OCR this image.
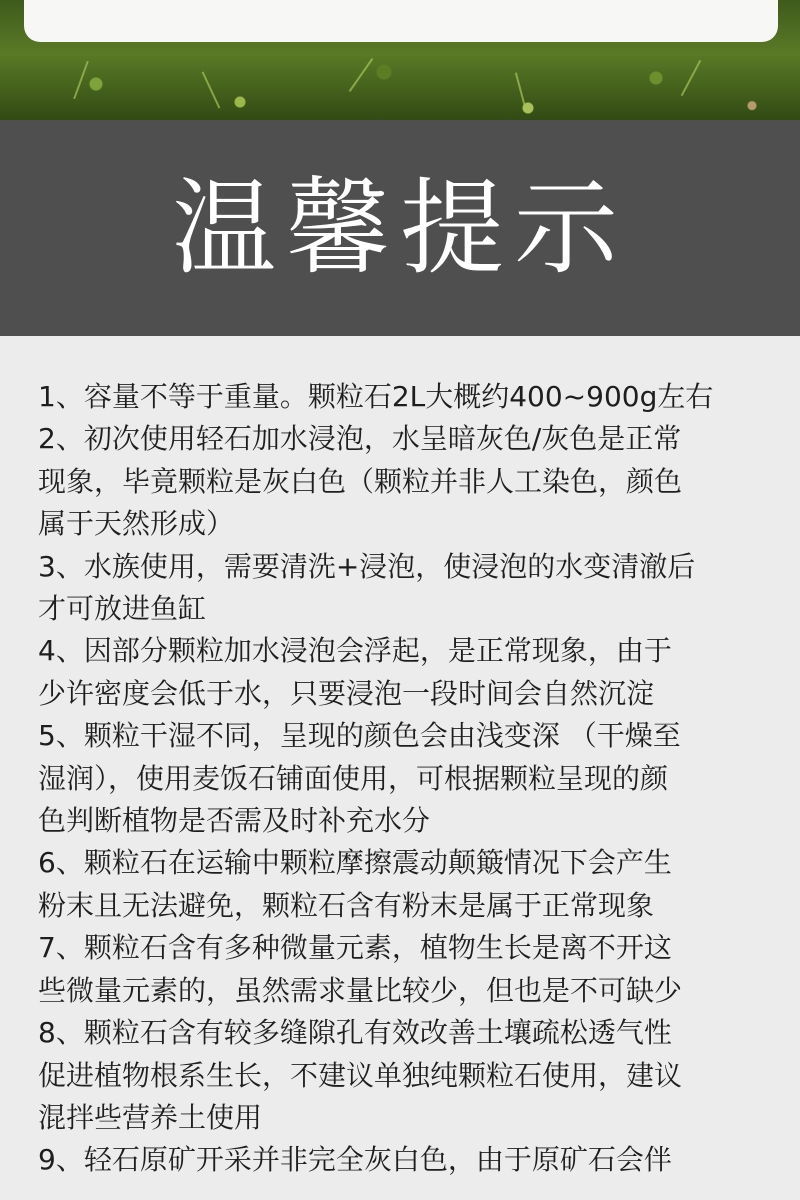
温馨提示

1、容量不等于重量。颗粒石2L大概约400~900g左右

2、初次使用轻石加水浸泡，水呈暗灰色/灰色是正常

现象，毕竟颗粒是灰白色（颗粒并非人工染色，颜色

属于天然形成）

3、水族使用，需要清洗+浸泡，使浸泡的水变清澈后

才可放进鱼缸

4、因部分颗粒加水浸泡会浮起，是正常现象，由于

少许密度会低于水，只要浸泡一段时间会自然沉淀

5、颗粒干湿不同，呈现的颜色会由浅变深 （干燥至

湿润），使用麦饭石铺面使用，可根据颗粒呈现的颜

色判断植物是否需及时补充水分

6、颗粒石在运输中颗粒摩擦震动颠簸情况下会产生

粉末且无法避免，颗粒石含有粉末是属于正常现象

7、颗粒石含有多种微量元素，植物生长是离不开这

些微量元素的，虽然需求量比较少，但也是不可缺少

8、颗粒石含有较多缝隙孔有效改善土壤疏松透气性

促进植物根系生长，不建议单独纯颗粒石使用，建议

混拌些营养土使用

9、轻石原矿开采并非完全灰白色，由于原矿石会伴
